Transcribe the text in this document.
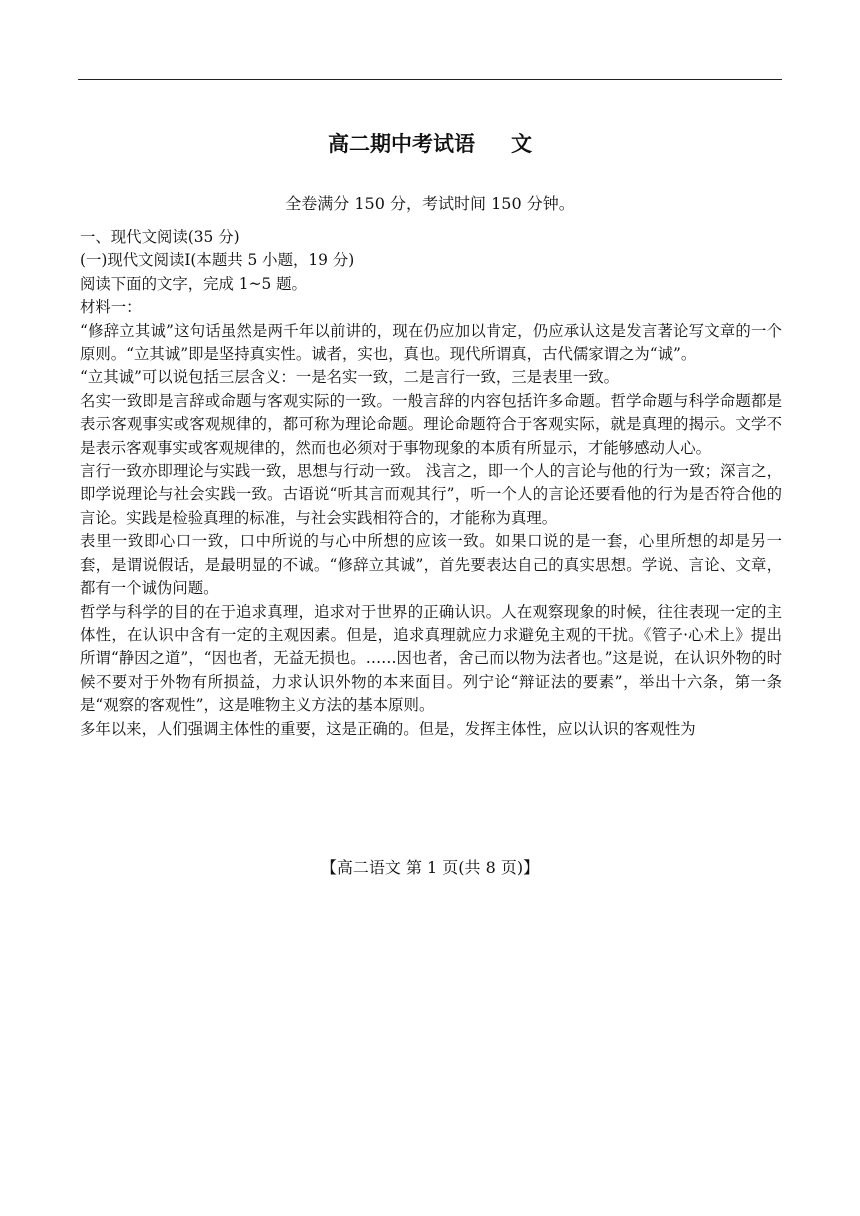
高二期中考试语 文
全卷满分 150 分，考试时间 150 分钟。

一、现代文阅读(35 分)

(一)现代文阅读Ⅰ(本题共 5 小题，19 分)

阅读下面的文字，完成 1~5 题。

材料一：

“修辞立其诚”这句话虽然是两千年以前讲的，现在仍应加以肯定，仍应承认这是发言著论写文章的一个原则。“立其诚”即是坚持真实性。诚者，实也，真也。现代所谓真，古代儒家谓之为“诚”。

“立其诚”可以说包括三层含义：一是名实一致，二是言行一致，三是表里一致。

名实一致即是言辞或命题与客观实际的一致。一般言辞的内容包括许多命题。哲学命题与科学命题都是表示客观事实或客观规律的，都可称为理论命题。理论命题符合于客观实际，就是真理的揭示。文学不是表示客观事实或客观规律的，然而也必须对于事物现象的本质有所显示，才能够感动人心。

言行一致亦即理论与实践一致，思想与行动一致。 浅言之，即一个人的言论与他的行为一致；深言之，即学说理论与社会实践一致。古语说“听其言而观其行”，听一个人的言论还要看他的行为是否符合他的言论。实践是检验真理的标准，与社会实践相符合的，才能称为真理。

表里一致即心口一致，口中所说的与心中所想的应该一致。如果口说的是一套，心里所想的却是另一套，是谓说假话，是最明显的不诚。“修辞立其诚”，首先要表达自己的真实思想。学说、言论、文章，都有一个诚伪问题。

哲学与科学的目的在于追求真理，追求对于世界的正确认识。人在观察现象的时候，往往表现一定的主体性，在认识中含有一定的主观因素。但是，追求真理就应力求避免主观的干扰。《管子·心术上》提出所谓“静因之道”，“因也者，无益无损也。……因也者，舍己而以物为法者也。”这是说，在认识外物的时候不要对于外物有所损益，力求认识外物的本来面目。列宁论“辩证法的要素”，举出十六条，第一条是“观察的客观性”，这是唯物主义方法的基本原则。

多年以来，人们强调主体性的重要，这是正确的。但是，发挥主体性，应以认识的客观性为

【高二语文 第 1 页(共 8 页)】
